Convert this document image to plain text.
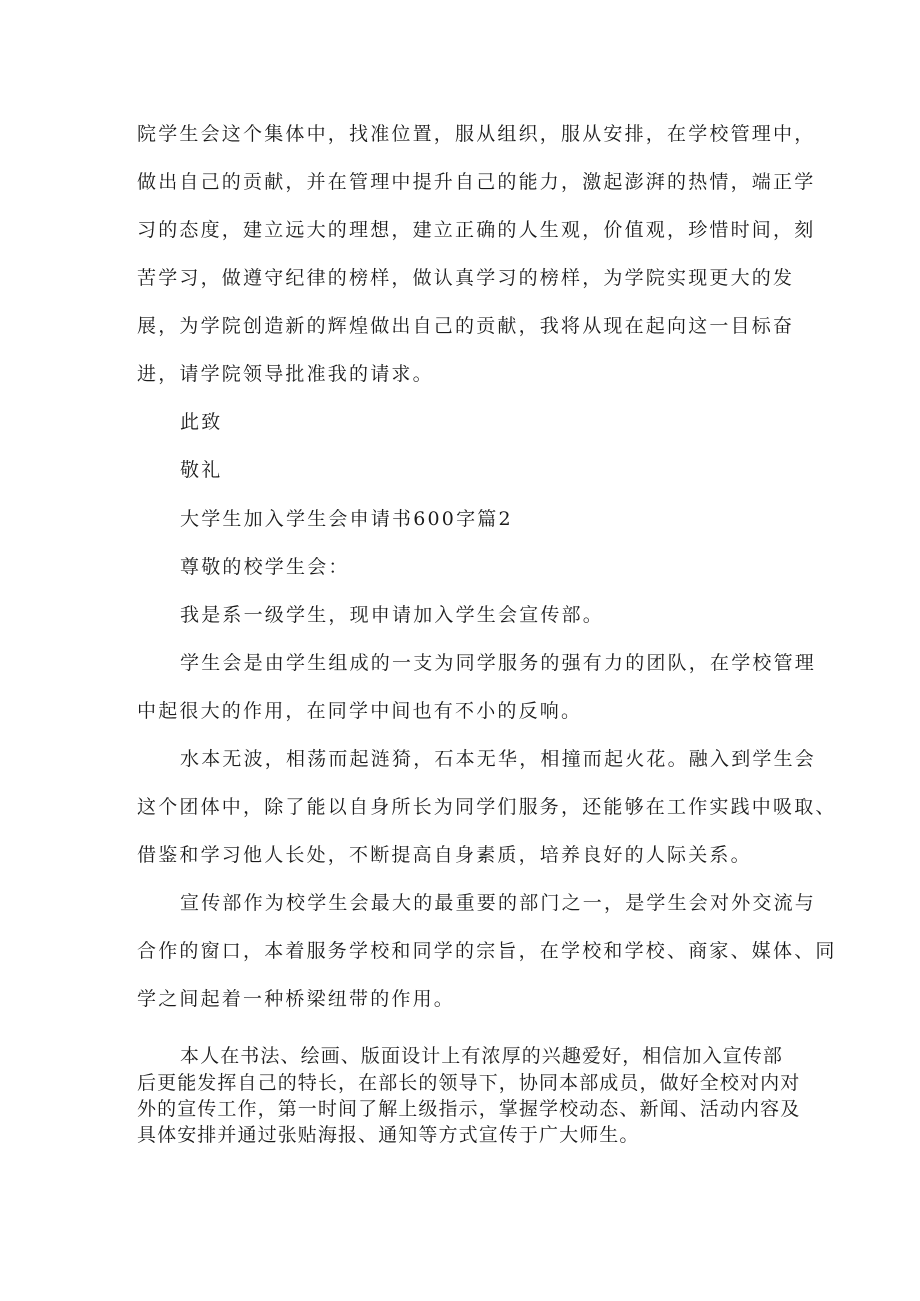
院学生会这个集体中，找准位置，服从组织，服从安排，在学校管理中，
做出自己的贡献，并在管理中提升自己的能力，激起澎湃的热情，端正学
习的态度，建立远大的理想，建立正确的人生观，价值观，珍惜时间，刻
苦学习，做遵守纪律的榜样，做认真学习的榜样，为学院实现更大的发
展，为学院创造新的辉煌做出自己的贡献，我将从现在起向这一目标奋
进，请学院领导批准我的请求。
此致
敬礼
大学生加入学生会申请书600字篇2
尊敬的校学生会：
我是系一级学生，现申请加入学生会宣传部。
学生会是由学生组成的一支为同学服务的强有力的团队，在学校管理
中起很大的作用，在同学中间也有不小的反响。
水本无波，相荡而起涟猗，石本无华，相撞而起火花。融入到学生会
这个团体中，除了能以自身所长为同学们服务，还能够在工作实践中吸取、
借鉴和学习他人长处，不断提高自身素质，培养良好的人际关系。
宣传部作为校学生会最大的最重要的部门之一，是学生会对外交流与
合作的窗口，本着服务学校和同学的宗旨，在学校和学校、商家、媒体、同
学之间起着一种桥梁纽带的作用。
本人在书法、绘画、版面设计上有浓厚的兴趣爱好，相信加入宣传部
后更能发挥自己的特长，在部长的领导下，协同本部成员，做好全校对内对
外的宣传工作，第一时间了解上级指示，掌握学校动态、新闻、活动内容及
具体安排并通过张贴海报、通知等方式宣传于广大师生。
